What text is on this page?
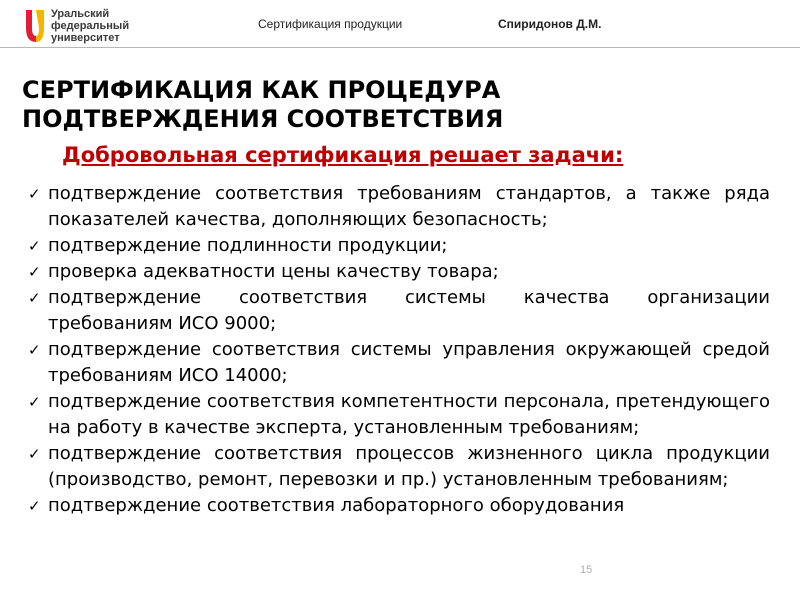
Уральский
федеральный
университет
Сертификация продукции	Спиридонов Д.М.
СЕРТИФИКАЦИЯ КАК ПРОЦЕДУРА
ПОДТВЕРЖДЕНИЯ СООТВЕТСТВИЯ
Добровольная сертификация решает задачи:
✓ подтверждение соответствия требованиям стандартов, а также ряда показателей качества, дополняющих безопасность;
✓ подтверждение подлинности продукции;
✓ проверка адекватности цены качеству товара;
✓ подтверждение соответствия системы качества организации требованиям ИСО 9000;
✓ подтверждение соответствия системы управления окружающей средой требованиям ИСО 14000;
✓ подтверждение соответствия компетентности персонала, претендующего на работу в качестве эксперта, установленным требованиям;
✓ подтверждение соответствия процессов жизненного цикла продукции (производство, ремонт, перевозки и пр.) установленным требованиям;
✓ подтверждение соответствия лабораторного оборудования
15
